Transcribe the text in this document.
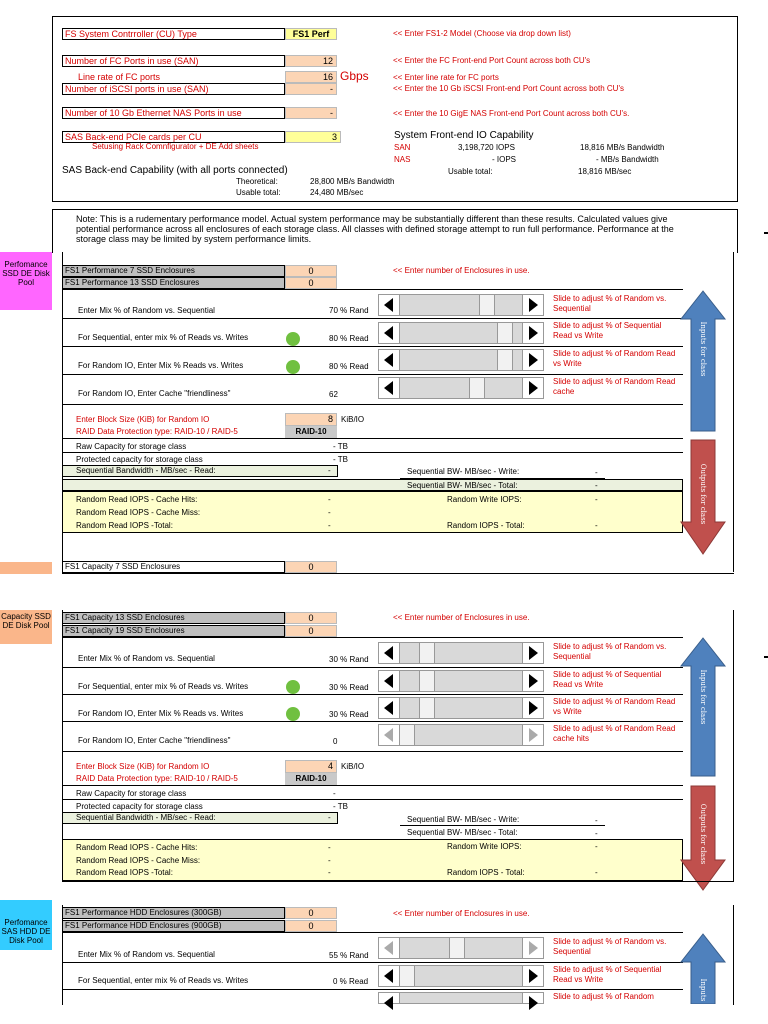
FS System Contrroller (CU) Type	FS1 Perf	<< Enter FS1-2 Model (Choose via drop down list)
Number of FC Ports in use (SAN)	12	<< Enter the FC Front-end Port Count across both CU's
Line rate of FC ports	16 Gbps	<< Enter line rate for FC ports
Number of iSCSI ports in use (SAN)	-	<< Enter the 10 Gb iSCSI Front-end Port Count across both CU's
Number of 10 Gb Ethernet NAS Ports in use	-	<< Enter the 10 GigE NAS Front-end Port Count across both CU's.
SAS Back-end PCIe cards per CU	3
Setusing Rack Comnfigurator + DE Add sheets
System Front-end IO Capability
SAN	3,198,720 IOPS	18,816 MB/s Bandwidth
NAS	- IOPS	- MB/s Bandwidth
Usable total:	18,816 MB/sec
SAS Back-end Capability (with all ports connected)
Theoretical:	28,800 MB/s Bandwidth
Usable total:	24,480 MB/sec
Note: This is a rudementary performance model. Actual system performance may be substantially different than these results. Calculated values give potential performance across all enclosures of each storage class. All classes with defined storage attempt to run full performance. Performance at the storage class may be limited by system performance limits.
Perfomance SSD DE Disk Pool
FS1 Performance 7 SSD Enclosures	0	<< Enter number of Enclosures in use.
FS1 Performance 13 SSD Enclosures	0
Enter Mix % of Random vs. Sequential	70 % Rand
Slide to adjust % of Random vs. Sequential
For Sequential, enter mix % of Reads vs. Writes	80 % Read
Slide to adjust % of Sequential Read vs Write
For Random IO, Enter Mix % Reads vs. Writes	80 % Read
Slide to adjust % of Random Read vs Write
For Random IO, Enter Cache "friendliness"	62
Slide to adjust % of Random Read cache
Enter Block Size (KiB) for Random IO	8	KiB/IO
RAID Data Protection type: RAID-10 / RAID-5	RAID-10
Raw Capacity for storage class	- TB
Protected capacity for storage class	- TB
Sequential Bandwidth - MB/sec - Read:	-	Sequential BW- MB/sec - Write:	-
Sequential BW- MB/sec - Total:	-
Random Read IOPS - Cache Hits:	-	Random Write IOPS:	-
Random Read IOPS - Cache Miss:	-
Random Read IOPS -Total:	-	Random IOPS - Total:	-
Inputs for class
Outputs for class
FS1 Capacity 7 SSD Enclosures	0
Capacity SSD DE Disk Pool
FS1 Capacity 13 SSD Enclosures	0	<< Enter number of Enclosures in use.
FS1 Capacity 19 SSD Enclosures	0
Enter Mix % of Random vs. Sequential	30 % Rand
Slide to adjust % of Random vs. Sequential
For Sequential, enter mix % of Reads vs. Writes	30 % Read
Slide to adjust % of Sequential Read vs Write
For Random IO, Enter Mix % Reads vs. Writes	30 % Read
Slide to adjust % of Random Read vs Write
For Random IO, Enter Cache "friendliness"	0
Slide to adjust % of Random Read cache hits
Enter Block Size (KiB) for Random IO	4	KiB/IO
RAID Data Protection type: RAID-10 / RAID-5	RAID-10
Raw Capacity for storage class	-
Protected capacity for storage class	- TB
Sequential Bandwidth - MB/sec - Read:	-	Sequential BW- MB/sec - Write:	-
Sequential BW- MB/sec - Total:	-
Random Read IOPS - Cache Hits:	-	Random Write IOPS:	-
Random Read IOPS - Cache Miss:	-
Random Read IOPS -Total:	-	Random IOPS - Total:	-
Inputs for class
Outputs for class
Perfomance SAS HDD DE Disk Pool
FS1 Performance HDD Enclosures (300GB)	0	<< Enter number of Enclosures in use.
FS1 Performance HDD Enclosures (900GB)	0
Enter Mix % of Random vs. Sequential	55 % Rand
Slide to adjust % of Random vs. Sequential
For Sequential, enter mix % of Reads vs. Writes	0 % Read
Slide to adjust % of Sequential Read vs Write
Slide to adjust % of Random	Inputs
